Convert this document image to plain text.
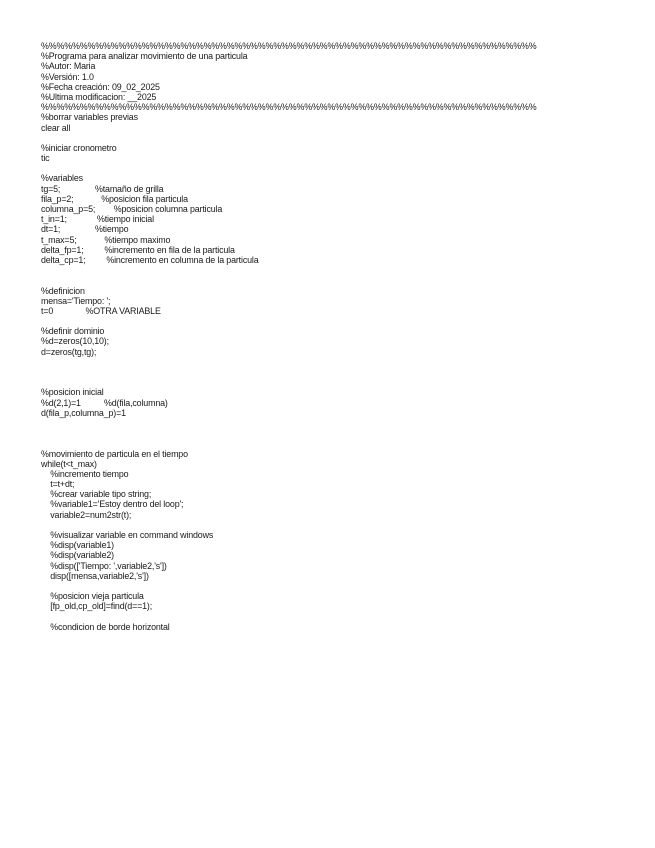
%%%%%%%%%%%%%%%%%%%%%%%%%%%%%%%%%%%%%%%%%%%%%%%%%%%%%%%%%%%%%%%%
%Programa para analizar movimiento de una particula
%Autor: Maria
%Versión: 1.0
%Fecha creación: 09_02_2025
%Ultima modificacion: __2025
%%%%%%%%%%%%%%%%%%%%%%%%%%%%%%%%%%%%%%%%%%%%%%%%%%%%%%%%%%%%%%%%
%borrar variables previas
clear all

%iniciar cronometro
tic

%variables
tg=5;               %tamaño de grilla
fila_p=2;            %posicion fila particula
columna_p=5;        %posicion columna particula
t_in=1;             %tiempo inicial
dt=1;               %tiempo
t_max=5;            %tiempo maximo
delta_fp=1;         %incremento en fila de la particula
delta_cp=1;         %incremento en columna de la particula

%definicion
mensa='Tiempo: ';
t=0              %OTRA VARIABLE

%definir dominio
%d=zeros(10,10);
d=zeros(tg,tg);

%posicion inicial
%d(2,1)=1          %d(fila,columna)
d(fila_p,columna_p)=1

%movimiento de particula en el tiempo
while(t<t_max)
%incremento tiempo
t=t+dt;
%crear variable tipo string;
%variable1='Estoy dentro del loop';
variable2=num2str(t);

%visualizar variable en command windows
%disp(variable1)
%disp(variable2)
%disp(['Tiempo: ',variable2,'s'])
disp([mensa,variable2,'s'])

%posicion vieja particula
[fp_old,cp_old]=find(d==1);

%condicion de borde horizontal
